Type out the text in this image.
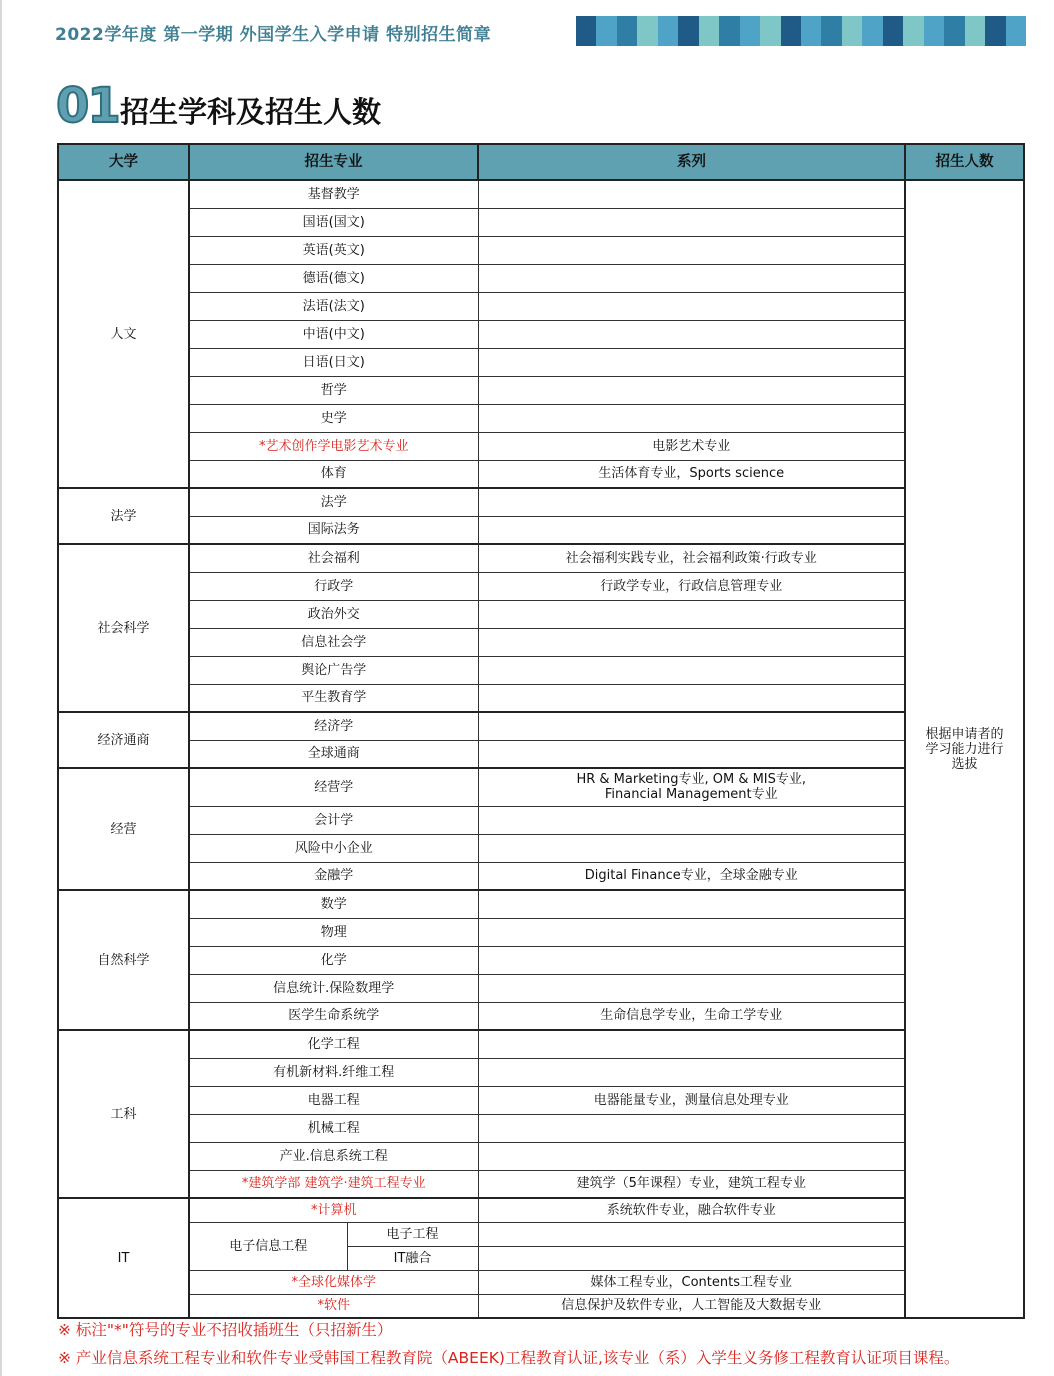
2022学年度 第一学期 外国学生入学申请 特别招生简章
01 招生学科及招生人数
大学	招生专业		系列	招生人数
人文	基督教学			根据申请者的学习能力进行选拔
	国语(国文)			
	英语(英文)			
	德语(德文)			
	法语(法文)			
	中语(中文)			
	日语(日文)			
	哲学			
	史学			
	*艺术创作学电影艺术专业		电影艺术专业	
	体育		生活体育专业，Sports science	
法学	法学			
	国际法务			
社会科学	社会福利		社会福利实践专业，社会福利政策·行政专业	
	行政学		行政学专业，行政信息管理专业	
	政治外交			
	信息社会学			
	舆论广告学			
	平生教育学			
经济通商	经济学			
	全球通商			
经营	经营学		HR & Marketing专业, OM & MIS专业,
Financial Management专业	

	会计学			
	风险中小企业			
	金融学		Digital Finance专业，全球金融专业	
自然科学	数学			
	物理			
	化学			
	信息统计.保险数理学			
	医学生命系统学		生命信息学专业，生命工学专业	
工科	化学工程			
	有机新材料.纤维工程			
	电器工程		电器能量专业，测量信息处理专业	
	机械工程			
	产业.信息系统工程			
	*建筑学部 建筑学·建筑工程专业		建筑学（5年课程）专业，建筑工程专业	
IT	*计算机		系统软件专业，融合软件专业	
	电子信息工程	电子工程		
		IT融合		
	*全球化媒体学		媒体工程专业，Contents工程专业	
	*软件		信息保护及软件专业，人工智能及大数据专业	
※ 标注"*"符号的专业不招收插班生（只招新生）
※ 产业信息系统工程专业和软件专业受韩国工程教育院（ABEEK)工程教育认证,该专业（系）入学生义务修工程教育认证项目课程。
